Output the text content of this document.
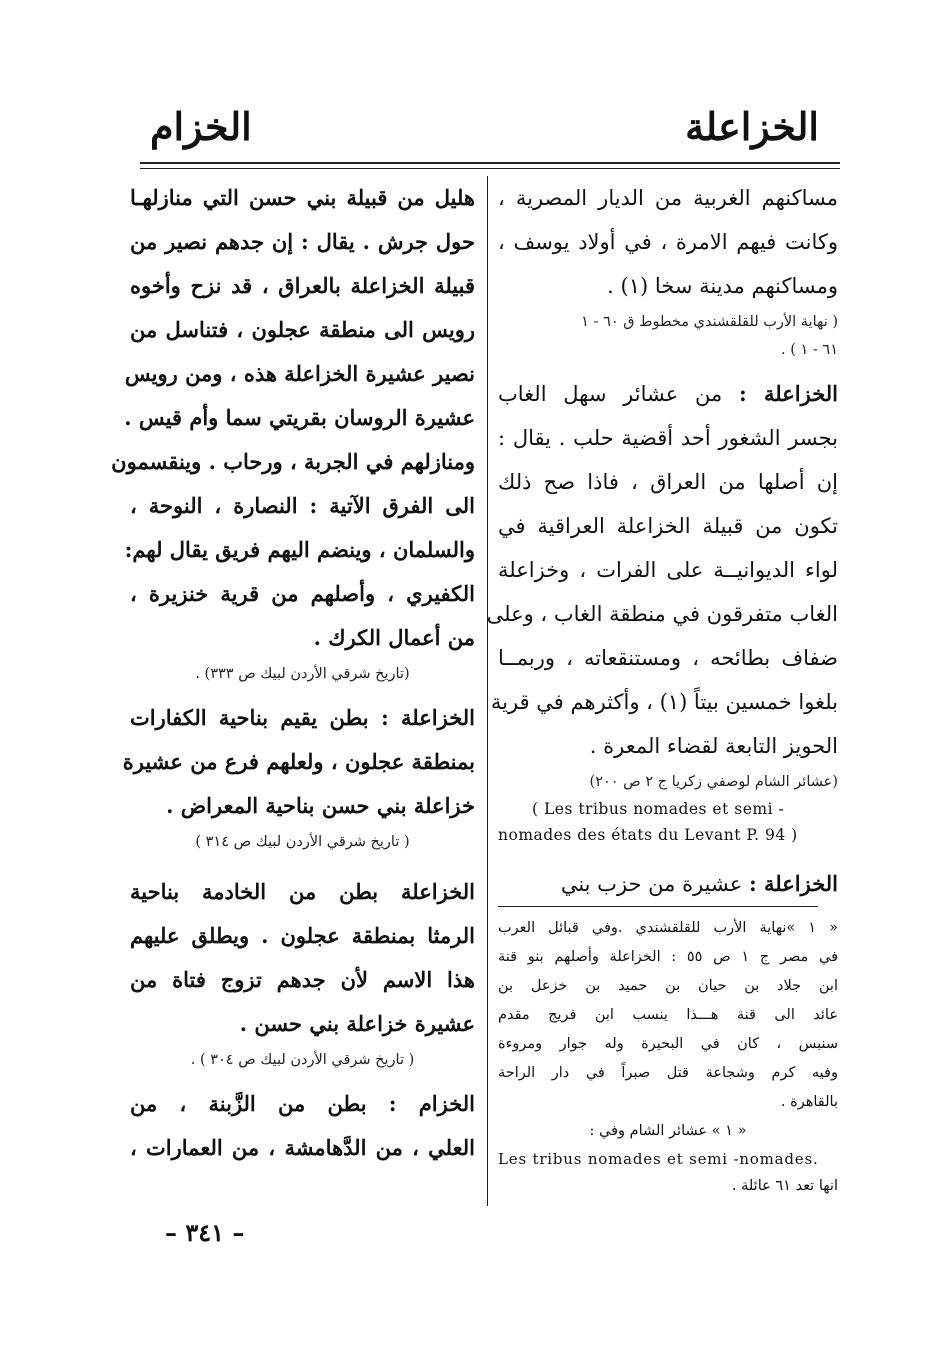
الخزاعلة
الخزام
مساكنهم الغربية من الديار المصرية ،
وكانت فيهم الامرة ، في أولاد يوسف ،
ومساكنهم مدينة سخا (١) .
( نهاية الأرب للقلقشندي مخطوط ق ٦٠ - ١
٦١ - ١ ) .
الخزاعلة : من عشائر سهل الغاب
بجسر الشغور أحد أقضية حلب . يقال :
إن أصلها من العراق ، فاذا صح ذلك
تكون من قبيلة الخزاعلة العراقية في
لواء الديوانيــة على الفرات ، وخزاعلة
الغاب متفرقون في منطقة الغاب ، وعلى
ضفاف بطائحه ، ومستنقعاته ، وربمــا
بلغوا خمسين بيتاً (١) ، وأكثرهم في قرية
الحويز التابعة لقضاء المعرة .
(عشائر الشام لوصفي زكريا ج ٢ ص ٢٠٠)
( Les tribus nomades et semi -
nomades des états du Levant P. 94 )
الخزاعلة : عشيرة من حزب بني
« ١ »نهاية الأرب للقلقشندي .وفي قبائل العرب
في مصر ج ١ ص ٥٥ : الخزاعلة وأصلهم بنو قنة
ابن جلاد بن حيان بن حميد بن خزعل بن
عائد الى قنة هـــذا ينسب ابن فريج مقدم
سنبس ، كان في البحيرة وله جوار ومروءة
وفيه كرم وشجاعة قتل صبراً في دار الراحة
بالقاهرة .
« ١ » عشائر الشام وفي :
Les tribus nomades et semi -nomades.
انها تعد ٦١ عائلة .
هليل من قبيلة بني حسن التي منازلهـا
حول جرش . يقال : إن جدهم نصير من
قبيلة الخزاعلة بالعراق ، قد نزح وأخوه
رويس الى منطقة عجلون ، فتناسل من
نصير عشيرة الخزاعلة هذه ، ومن رويس
عشيرة الروسان بقريتي سما وأم قيس .
ومنازلهم في الجربة ، ورحاب . وينقسمون
الى الفرق الآتية : النصارة ، النوحة ،
والسلمان ، وينضم اليهم فريق يقال لهم:
الكفيري ، وأصلهم من قرية خنزيرة ،
من أعمال الكرك .
(تاريخ شرقي الأردن لبيك ص ٣٣٣) .
الخزاعلة : بطن يقيم بناحية الكفارات
بمنطقة عجلون ، ولعلهم فرع من عشيرة
خزاعلة بني حسن بناحية المعراض .
( تاريخ شرقي الأردن لبيك ص ٣١٤ )
الخزاعلة بطن من الخادمة بناحية
الرمثا بمنطقة عجلون . ويطلق عليهم
هذا الاسم لأن جدهم تزوج فتاة من
عشيرة خزاعلة بني حسن .
( تاريخ شرقي الأردن لبيك ص ٣٠٤ ) .
الخزام : بطن من الزَّبنة ، من
العلي ، من الدَّهامشة ، من العمارات ،
– ٣٤١ –
